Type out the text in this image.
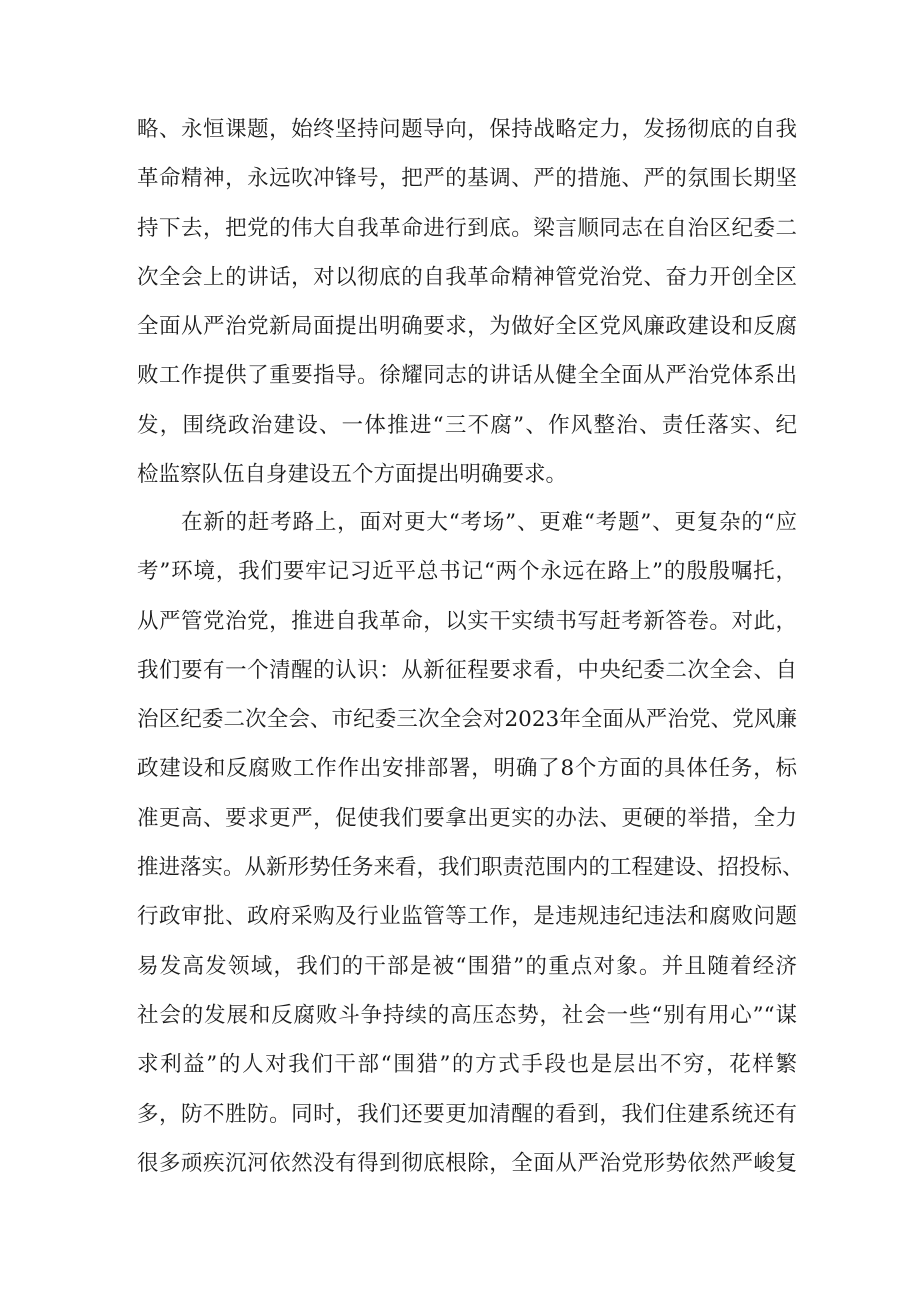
略、永恒课题，始终坚持问题导向，保持战略定力，发扬彻底的自我
革命精神，永远吹冲锋号，把严的基调、严的措施、严的氛围长期坚
持下去，把党的伟大自我革命进行到底。梁言顺同志在自治区纪委二
次全会上的讲话，对以彻底的自我革命精神管党治党、奋力开创全区
全面从严治党新局面提出明确要求，为做好全区党风廉政建设和反腐
败工作提供了重要指导。徐耀同志的讲话从健全全面从严治党体系出
发，围绕政治建设、一体推进“三不腐”、作风整治、责任落实、纪
检监察队伍自身建设五个方面提出明确要求。
在新的赶考路上，面对更大“考场”、更难“考题”、更复杂的“应
考”环境，我们要牢记习近平总书记“两个永远在路上”的殷殷嘱托，
从严管党治党，推进自我革命，以实干实绩书写赶考新答卷。对此，
我们要有一个清醒的认识：从新征程要求看，中央纪委二次全会、自
治区纪委二次全会、市纪委三次全会对2023年全面从严治党、党风廉
政建设和反腐败工作作出安排部署，明确了8个方面的具体任务，标
准更高、要求更严，促使我们要拿出更实的办法、更硬的举措，全力
推进落实。从新形势任务来看，我们职责范围内的工程建设、招投标、
行政审批、政府采购及行业监管等工作，是违规违纪违法和腐败问题
易发高发领域，我们的干部是被“围猎”的重点对象。并且随着经济
社会的发展和反腐败斗争持续的高压态势，社会一些“别有用心”“谋
求利益”的人对我们干部“围猎”的方式手段也是层出不穷，花样繁
多，防不胜防。同时，我们还要更加清醒的看到，我们住建系统还有
很多顽疾沉河依然没有得到彻底根除，全面从严治党形势依然严峻复
